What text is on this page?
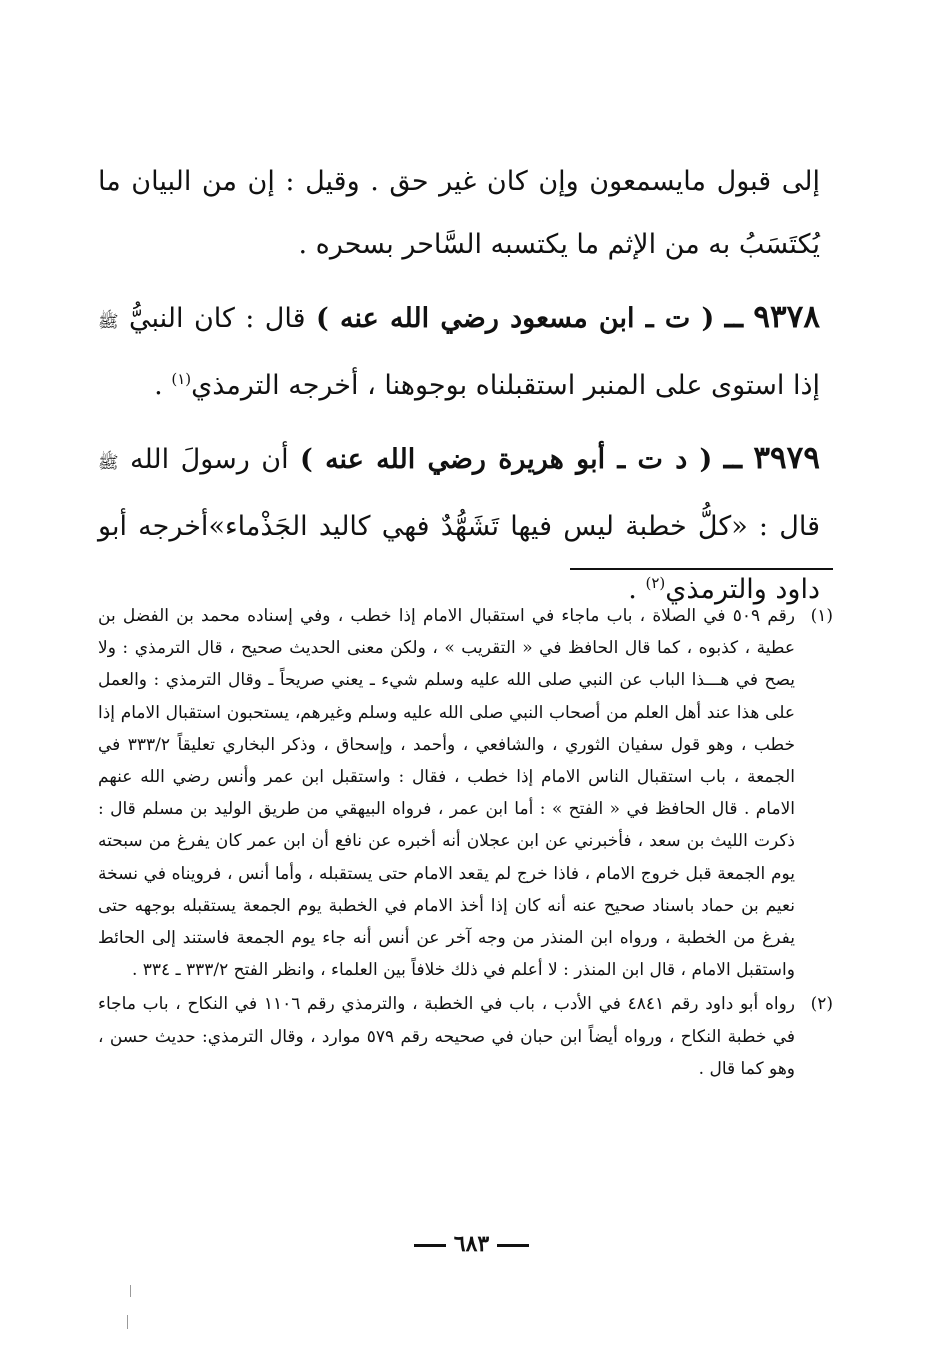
إلى قبول مايسمعون وإن كان غير حق . وقيل : إن من البيان ما يُكتَسَبُ به من الإثم ما يكتسبه السَّاحر بسحره .

٩٣٧٨ ــ ( ت ـ ابن مسعود رضي الله عنه ) قال : كان النبيُّ ﷺ إذا استوى على المنبر استقبلناه بوجوهنا ، أخرجه الترمذي$^{(١)}$ .

٣٩٧٩ ــ ( د ت ـ أبو هريرة رضي الله عنه ) أن رسولَ الله ﷺ قال : «كلُّ خطبة ليس فيها تَشَهُّدٌ فهي كاليد الجَذْماء»أخرجه أبو داود والترمذي$^{(٢)}$ .

(١)
رقم ٥٠٩ في الصلاة ، باب ماجاء في استقبال الامام إذا خطب ، وفي إسناده محمد بن الفضل بن عطية ، كذبوه ، كما قال الحافظ في « التقريب » ، ولكن معنى الحديث صحيح ، قال الترمذي : ولا يصح في هـــذا الباب عن النبي صلى الله عليه وسلم شيء ـ يعني صريحاً ـ وقال الترمذي : والعمل على هذا عند أهل العلم من أصحاب النبي صلى الله عليه وسلم وغيرهم، يستحبون استقبال الامام إذا خطب ، وهو قول سفيان الثوري ، والشافعي ، وأحمد ، وإسحاق ، وذكر البخاري تعليقاً ٣٣٣/٢ في الجمعة ، باب استقبال الناس الامام إذا خطب ، فقال : واستقبل ابن عمر وأنس رضي الله عنهم الامام . قال الحافظ في « الفتح » : أما ابن عمر ، فرواه البيهقي من طريق الوليد بن مسلم قال : ذكرت الليث بن سعد ، فأخبرني عن ابن عجلان أنه أخبره عن نافع أن ابن عمر كان يفرغ من سبحته يوم الجمعة قبل خروج الامام ، فاذا خرج لم يقعد الامام حتى يستقبله ، وأما أنس ، فرويناه في نسخة نعيم بن حماد باسناد صحيح عنه أنه كان إذا أخذ الامام في الخطبة يوم الجمعة يستقبله بوجهه حتى يفرغ من الخطبة ، ورواه ابن المنذر من وجه آخر عن أنس أنه جاء يوم الجمعة فاستند إلى الحائط واستقبل الامام ، قال ابن المنذر : لا أعلم في ذلك خلافاً بين العلماء ، وانظر الفتح ٣٣٣/٢ ـ ٣٣٤ .

(٢)
رواه أبو داود رقم ٤٨٤١ في الأدب ، باب في الخطبة ، والترمذي رقم ١١٠٦ في النكاح ، باب ماجاء في خطبة النكاح ، ورواه أيضاً ابن حبان في صحيحه رقم ٥٧٩ موارد ، وقال الترمذي: حديث حسن ، وهو كما قال .

٦٨٣
